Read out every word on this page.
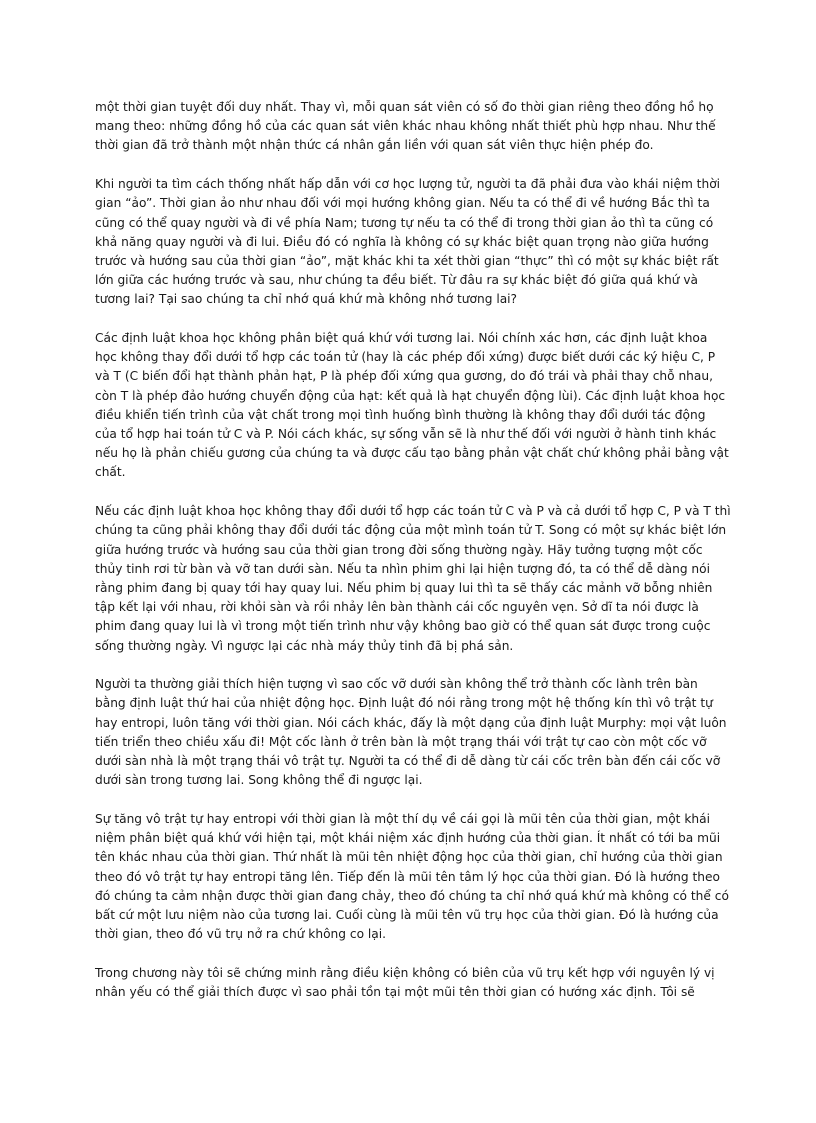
một thời gian tuyệt đối duy nhất. Thay vì, mỗi quan sát viên có số đo thời gian riêng theo đồng hồ họ mang theo: những đồng hồ của các quan sát viên khác nhau không nhất thiết phù hợp nhau. Như thế thời gian đã trở thành một nhận thức cá nhân gắn liền với quan sát viên thực hiện phép đo.

Khi người ta tìm cách thống nhất hấp dẫn với cơ học lượng tử, người ta đã phải đưa vào khái niệm thời gian “ảo”. Thời gian ảo như nhau đối với mọi hướng không gian. Nếu ta có thể đi về hướng Bắc thì ta cũng có thể quay người và đi về phía Nam; tương tự nếu ta có thể đi trong thời gian ảo thì ta cũng có khả năng quay người và đi lui. Điều đó có nghĩa là không có sự khác biệt quan trọng nào giữa hướng trước và hướng sau của thời gian “ảo”, mặt khác khi ta xét thời gian “thực” thì có một sự khác biệt rất lớn giữa các hướng trước và sau, như chúng ta đều biết. Từ đâu ra sự khác biệt đó giữa quá khứ và tương lai? Tại sao chúng ta chỉ nhớ quá khứ mà không nhớ tương lai?

Các định luật khoa học không phân biệt quá khứ với tương lai. Nói chính xác hơn, các định luật khoa học không thay đổi dưới tổ hợp các toán tử (hay là các phép đối xứng) được biết dưới các ký hiệu C, P và T (C biến đổi hạt thành phản hạt, P là phép đối xứng qua gương, do đó trái và phải thay chỗ nhau, còn T là phép đảo hướng chuyển động của hạt: kết quả là hạt chuyển động lùi). Các định luật khoa học điều khiển tiến trình của vật chất trong mọi tình huống bình thường là không thay đổi dưới tác động của tổ hợp hai toán tử C và P. Nói cách khác, sự sống vẫn sẽ là như thế đối với người ở hành tinh khác nếu họ là phản chiếu gương của chúng ta và được cấu tạo bằng phản vật chất chứ không phải bằng vật chất.

Nếu các định luật khoa học không thay đổi dưới tổ hợp các toán tử C và P và cả dưới tổ hợp C, P và T thì chúng ta cũng phải không thay đổi dưới tác động của một mình toán tử T. Song có một sự khác biệt lớn giữa hướng trước và hướng sau của thời gian trong đời sống thường ngày. Hãy tưởng tượng một cốc thủy tinh rơi từ bàn và vỡ tan dưới sàn. Nếu ta nhìn phim ghi lại hiện tượng đó, ta có thể dễ dàng nói rằng phim đang bị quay tới hay quay lui. Nếu phim bị quay lui thì ta sẽ thấy các mảnh vỡ bỗng nhiên tập kết lại với nhau, rời khỏi sàn và rồi nhảy lên bàn thành cái cốc nguyên vẹn. Sở dĩ ta nói được là phim đang quay lui là vì trong một tiến trình như vậy không bao giờ có thể quan sát được trong cuộc sống thường ngày. Vì ngược lại các nhà máy thủy tinh đã bị phá sản.

Người ta thường giải thích hiện tượng vì sao cốc vỡ dưới sàn không thể trở thành cốc lành trên bàn bằng định luật thứ hai của nhiệt động học. Định luật đó nói rằng trong một hệ thống kín thì vô trật tự hay entropi, luôn tăng với thời gian. Nói cách khác, đấy là một dạng của định luật Murphy: mọi vật luôn tiến triển theo chiều xấu đi! Một cốc lành ở trên bàn là một trạng thái với trật tự cao còn một cốc vỡ dưới sàn nhà là một trạng thái vô trật tự. Người ta có thể đi dễ dàng từ cái cốc trên bàn đến cái cốc vỡ dưới sàn trong tương lai. Song không thể đi ngược lại.

Sự tăng vô trật tự hay entropi với thời gian là một thí dụ về cái gọi là mũi tên của thời gian, một khái niệm phân biệt quá khứ với hiện tại, một khái niệm xác định hướng của thời gian. Ít nhất có tới ba mũi tên khác nhau của thời gian. Thứ nhất là mũi tên nhiệt động học của thời gian, chỉ hướng của thời gian theo đó vô trật tự hay entropi tăng lên. Tiếp đến là mũi tên tâm lý học của thời gian. Đó là hướng theo đó chúng ta cảm nhận được thời gian đang chảy, theo đó chúng ta chỉ nhớ quá khứ mà không có thể có bất cứ một lưu niệm nào của tương lai. Cuối cùng là mũi tên vũ trụ học của thời gian. Đó là hướng của thời gian, theo đó vũ trụ nở ra chứ không co lại.

Trong chương này tôi sẽ chứng minh rằng điều kiện không có biên của vũ trụ kết hợp với nguyên lý vị nhân yếu có thể giải thích được vì sao phải tồn tại một mũi tên thời gian có hướng xác định. Tôi sẽ
